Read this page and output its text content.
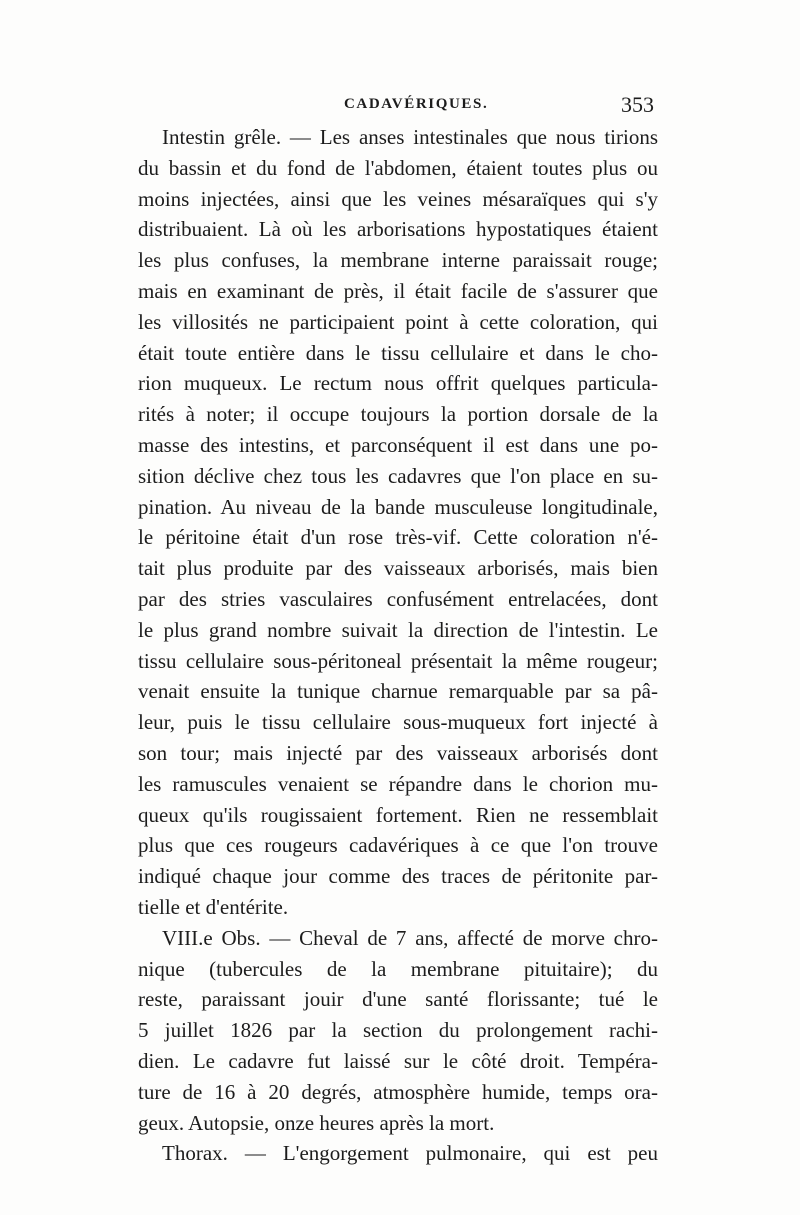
CADAVÉRIQUES.	353
Intestin grêle. — Les anses intestinales que nous tirions
du bassin et du fond de l'abdomen, étaient toutes plus ou
moins injectées, ainsi que les veines mésaraïques qui s'y
distribuaient. Là où les arborisations hypostatiques étaient
les plus confuses, la membrane interne paraissait rouge;
mais en examinant de près, il était facile de s'assurer que
les villosités ne participaient point à cette coloration, qui
était toute entière dans le tissu cellulaire et dans le cho-
rion muqueux. Le rectum nous offrit quelques particula-
rités à noter; il occupe toujours la portion dorsale de la
masse des intestins, et parconséquent il est dans une po-
sition déclive chez tous les cadavres que l'on place en su-
pination. Au niveau de la bande musculeuse longitudinale,
le péritoine était d'un rose très-vif. Cette coloration n'é-
tait plus produite par des vaisseaux arborisés, mais bien
par des stries vasculaires confusément entrelacées, dont
le plus grand nombre suivait la direction de l'intestin. Le
tissu cellulaire sous-péritoneal présentait la même rougeur;
venait ensuite la tunique charnue remarquable par sa pâ-
leur, puis le tissu cellulaire sous-muqueux fort injecté à
son tour; mais injecté par des vaisseaux arborisés dont
les ramuscules venaient se répandre dans le chorion mu-
queux qu'ils rougissaient fortement. Rien ne ressemblait
plus que ces rougeurs cadavériques à ce que l'on trouve
indiqué chaque jour comme des traces de péritonite par-
tielle et d'entérite.
VIII.e Obs. — Cheval de 7 ans, affecté de morve chro-
nique (tubercules de la membrane pituitaire); du
reste, paraissant jouir d'une santé florissante; tué le
5 juillet 1826 par la section du prolongement rachi-
dien. Le cadavre fut laissé sur le côté droit. Tempéra-
ture de 16 à 20 degrés, atmosphère humide, temps ora-
geux. Autopsie, onze heures après la mort.
Thorax. — L'engorgement pulmonaire, qui est peu
